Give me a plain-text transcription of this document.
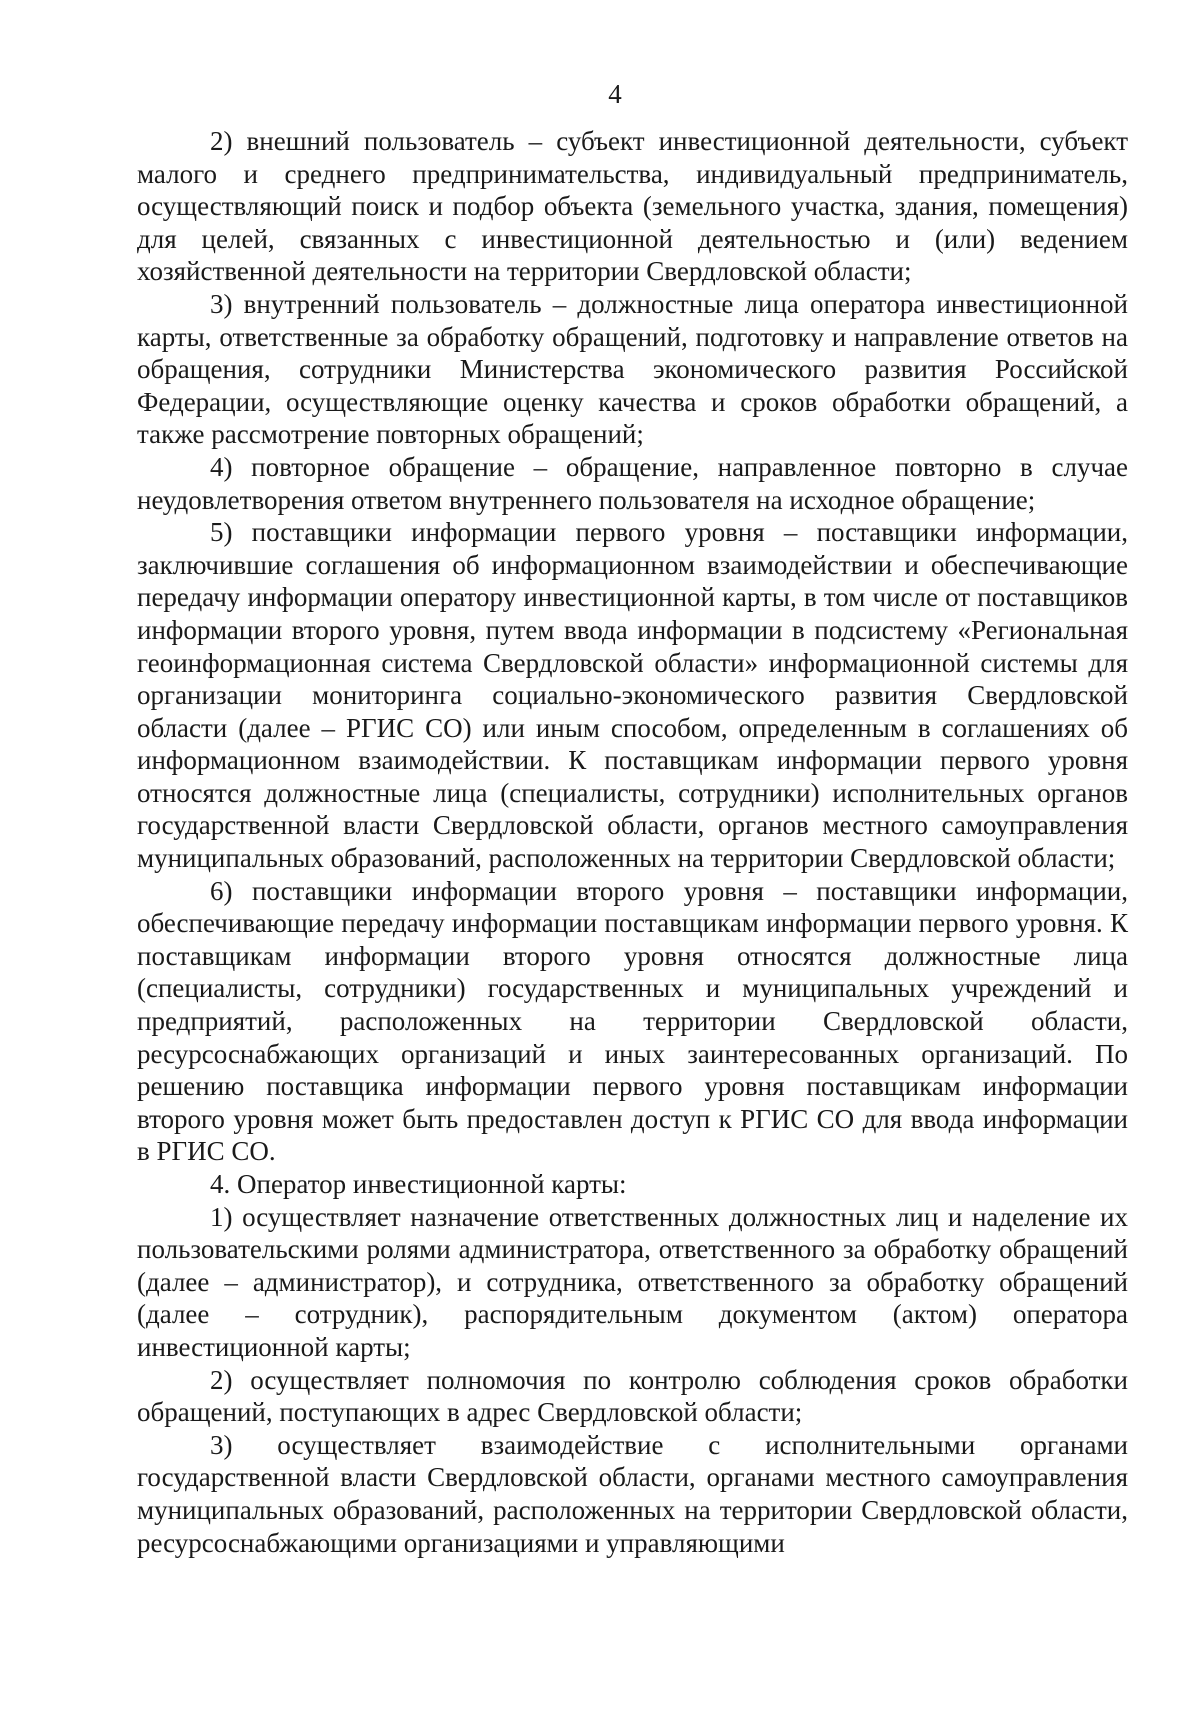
4

2) внешний пользователь – субъект инвестиционной деятельности, субъект малого и среднего предпринимательства, индивидуальный предприниматель, осуществляющий поиск и подбор объекта (земельного участка, здания, помещения) для целей, связанных с инвестиционной деятельностью и (или) ведением хозяйственной деятельности на территории Свердловской области;

3) внутренний пользователь – должностные лица оператора инвестиционной карты, ответственные за обработку обращений, подготовку и направление ответов на обращения, сотрудники Министерства экономического развития Российской Федерации, осуществляющие оценку качества и сроков обработки обращений, а также рассмотрение повторных обращений;

4) повторное обращение – обращение, направленное повторно в случае неудовлетворения ответом внутреннего пользователя на исходное обращение;

5) поставщики информации первого уровня – поставщики информации, заключившие соглашения об информационном взаимодействии и обеспечивающие передачу информации оператору инвестиционной карты, в том числе от поставщиков информации второго уровня, путем ввода информации в подсистему «Региональная геоинформационная система Свердловской области» информационной системы для организации мониторинга социально-экономического развития Свердловской области (далее – РГИС СО) или иным способом, определенным в соглашениях об информационном взаимодействии. К поставщикам информации первого уровня относятся должностные лица (специалисты, сотрудники) исполнительных органов государственной власти Свердловской области, органов местного самоуправления муниципальных образований, расположенных на территории Свердловской области;

6) поставщики информации второго уровня – поставщики информации, обеспечивающие передачу информации поставщикам информации первого уровня. К поставщикам информации второго уровня относятся должностные лица (специалисты, сотрудники) государственных и муниципальных учреждений и предприятий, расположенных на территории Свердловской области, ресурсоснабжающих организаций и иных заинтересованных организаций. По решению поставщика информации первого уровня поставщикам информации второго уровня может быть предоставлен доступ к РГИС СО для ввода информации в РГИС СО.

4. Оператор инвестиционной карты:

1) осуществляет назначение ответственных должностных лиц и наделение их пользовательскими ролями администратора, ответственного за обработку обращений (далее – администратор), и сотрудника, ответственного за обработку обращений (далее – сотрудник), распорядительным документом (актом) оператора инвестиционной карты;

2) осуществляет полномочия по контролю соблюдения сроков обработки обращений, поступающих в адрес Свердловской области;

3) осуществляет взаимодействие с исполнительными органами государственной власти Свердловской области, органами местного самоуправления муниципальных образований, расположенных на территории Свердловской области, ресурсоснабжающими организациями и управляющими
